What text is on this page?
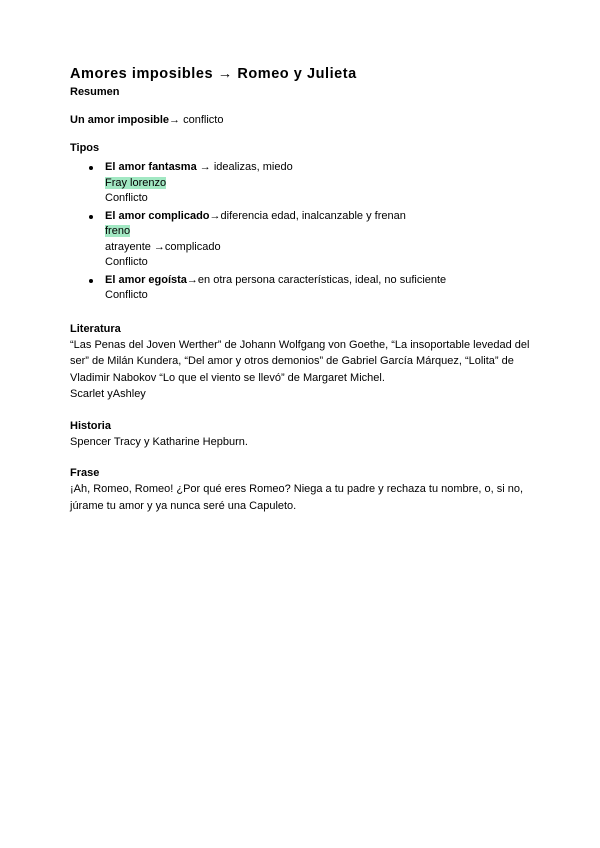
Amores imposibles → Romeo y Julieta
Resumen

Un amor imposible→ conflicto

Tipos

El amor fantasma → idealizas, miedo

Fray lorenzo

Conflicto

El amor complicado→diferencia edad, inalcanzable y frenan

freno

atrayente →complicado

Conflicto

El amor egoísta→en otra persona características, ideal, no suficiente

Conflicto

Literatura

“Las Penas del Joven Werther” de Johann Wolfgang von Goethe, “La insoportable levedad del ser” de Milán Kundera, “Del amor y otros demonios” de Gabriel García Márquez, “Lolita” de Vladimir Nabokov “Lo que el viento se llevó” de Margaret Michel.

Scarlet yAshley

Historia

Spencer Tracy y Katharine Hepburn.

Frase

¡Ah, Romeo, Romeo! ¿Por qué eres Romeo? Niega a tu padre y rechaza tu nombre, o, si no, júrame tu amor y ya nunca seré una Capuleto.
